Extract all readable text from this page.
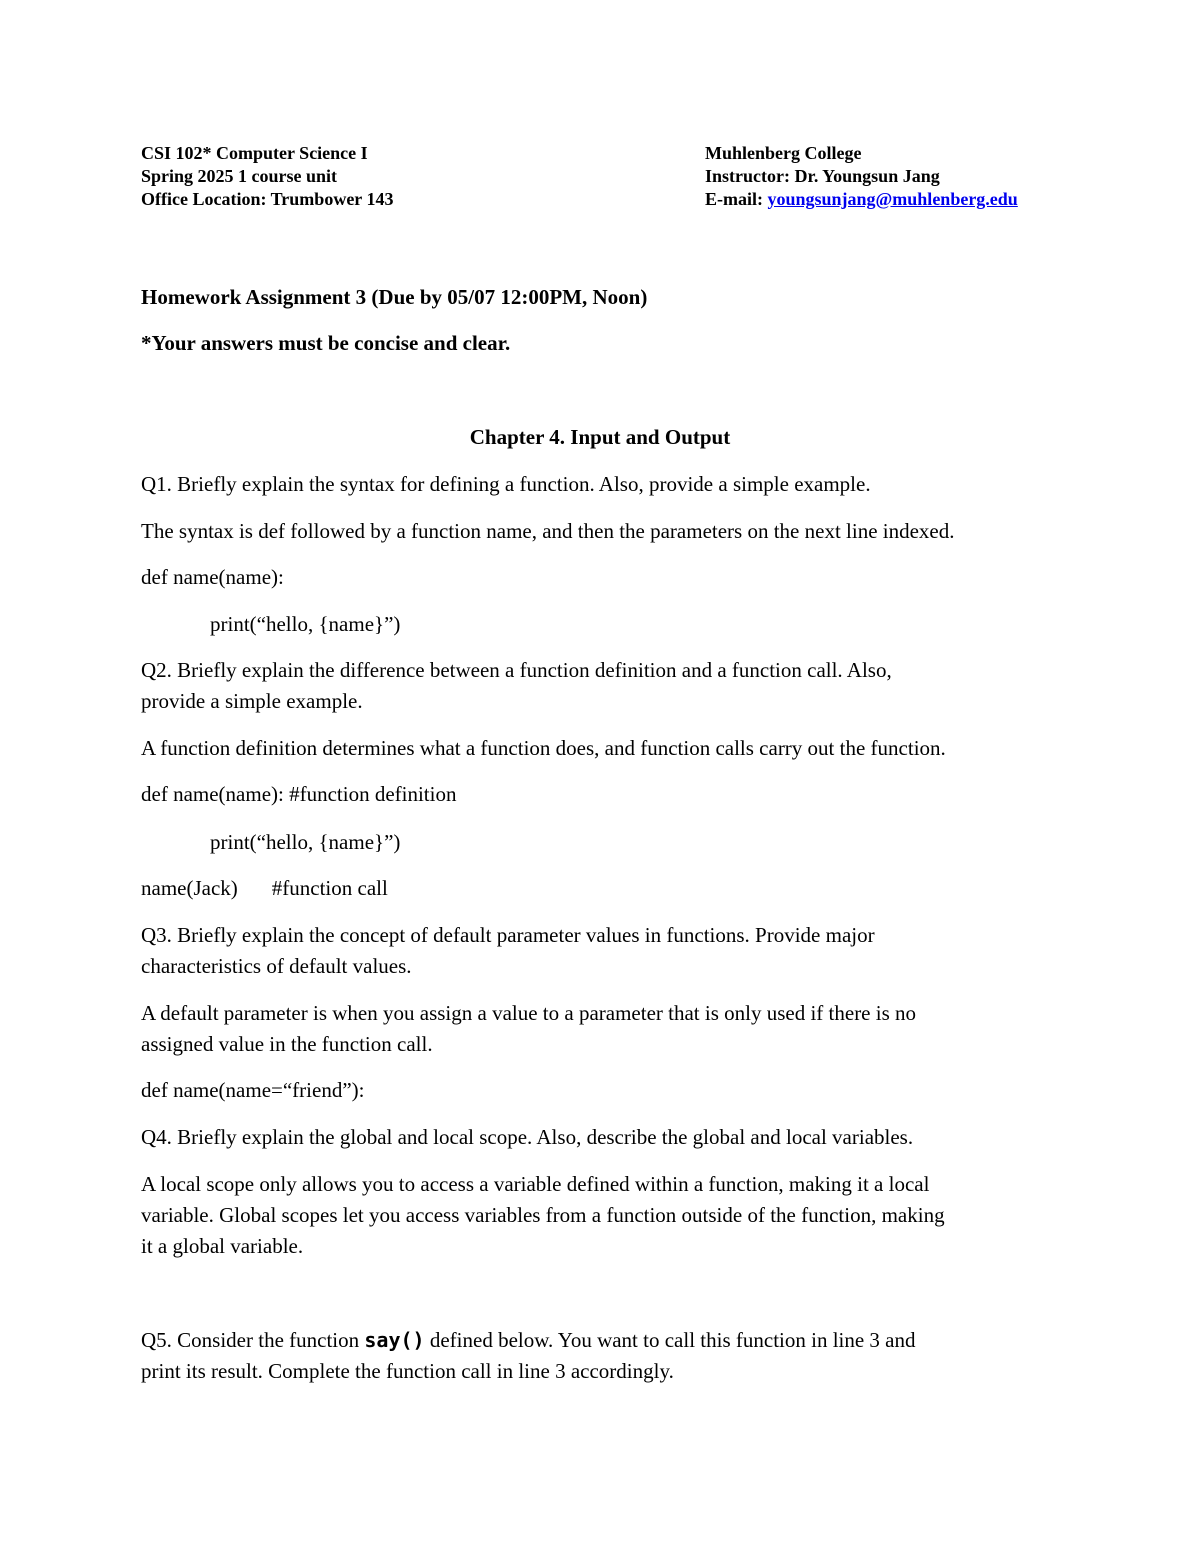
CSI 102* Computer Science I
Spring 2025 1 course unit
Office Location: Trumbower 143
Muhlenberg College
Instructor: Dr. Youngsun Jang
E-mail: youngsunjang@muhlenberg.edu
Homework Assignment 3 (Due by 05/07 12:00PM, Noon)
*Your answers must be concise and clear.
Chapter 4. Input and Output
Q1. Briefly explain the syntax for defining a function. Also, provide a simple example.
The syntax is def followed by a function name, and then the parameters on the next line indexed.
def name(name):
print(“hello, {name}”)
Q2. Briefly explain the difference between a function definition and a function call. Also,
provide a simple example.
A function definition determines what a function does, and function calls carry out the function.
def name(name): #function definition
print(“hello, {name}”)
name(Jack) #function call
Q3. Briefly explain the concept of default parameter values in functions. Provide major
characteristics of default values.
A default parameter is when you assign a value to a parameter that is only used if there is no
assigned value in the function call.
def name(name=“friend”):
Q4. Briefly explain the global and local scope. Also, describe the global and local variables.
A local scope only allows you to access a variable defined within a function, making it a local
variable. Global scopes let you access variables from a function outside of the function, making
it a global variable.
Q5. Consider the function say() defined below. You want to call this function in line 3 and
print its result. Complete the function call in line 3 accordingly.
